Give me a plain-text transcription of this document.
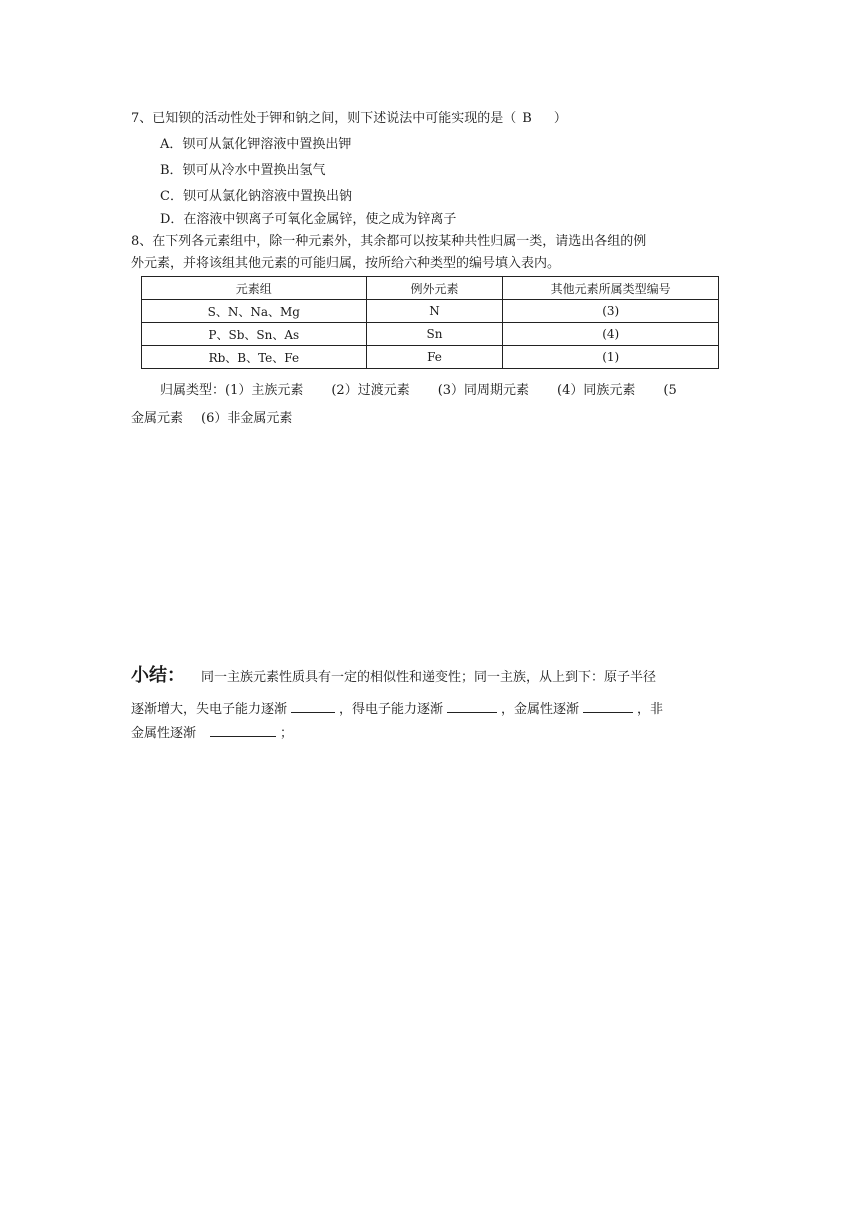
7、已知钡的活动性处于钾和钠之间，则下述说法中可能实现的是（ B ）
A．钡可从氯化钾溶液中置换出钾
B．钡可从冷水中置换出氢气
C．钡可从氯化钠溶液中置换出钠
D．在溶液中钡离子可氧化金属锌，使之成为锌离子
8、在下列各元素组中，除一种元素外，其余都可以按某种共性归属一类，请选出各组的例
外元素，并将该组其他元素的可能归属，按所给六种类型的编号填入表内。
元素组	例外元素	其他元素所属类型编号
S、N、Na、Mg	N	(3)
P、Sb、Sn、As	Sn	(4)
Rb、B、Te、Fe	Fe	(1)
归属类型：(1）主族元素 (2）过渡元素 (3）同周期元素 (4）同族元素 (5
金属元素 (6）非金属元素
小结： 同一主族元素性质具有一定的相似性和递变性；同一主族，从上到下：原子半径
逐渐增大，失电子能力逐渐	，得电子能力逐渐	，金属性逐渐	，非
金属性逐渐	；
